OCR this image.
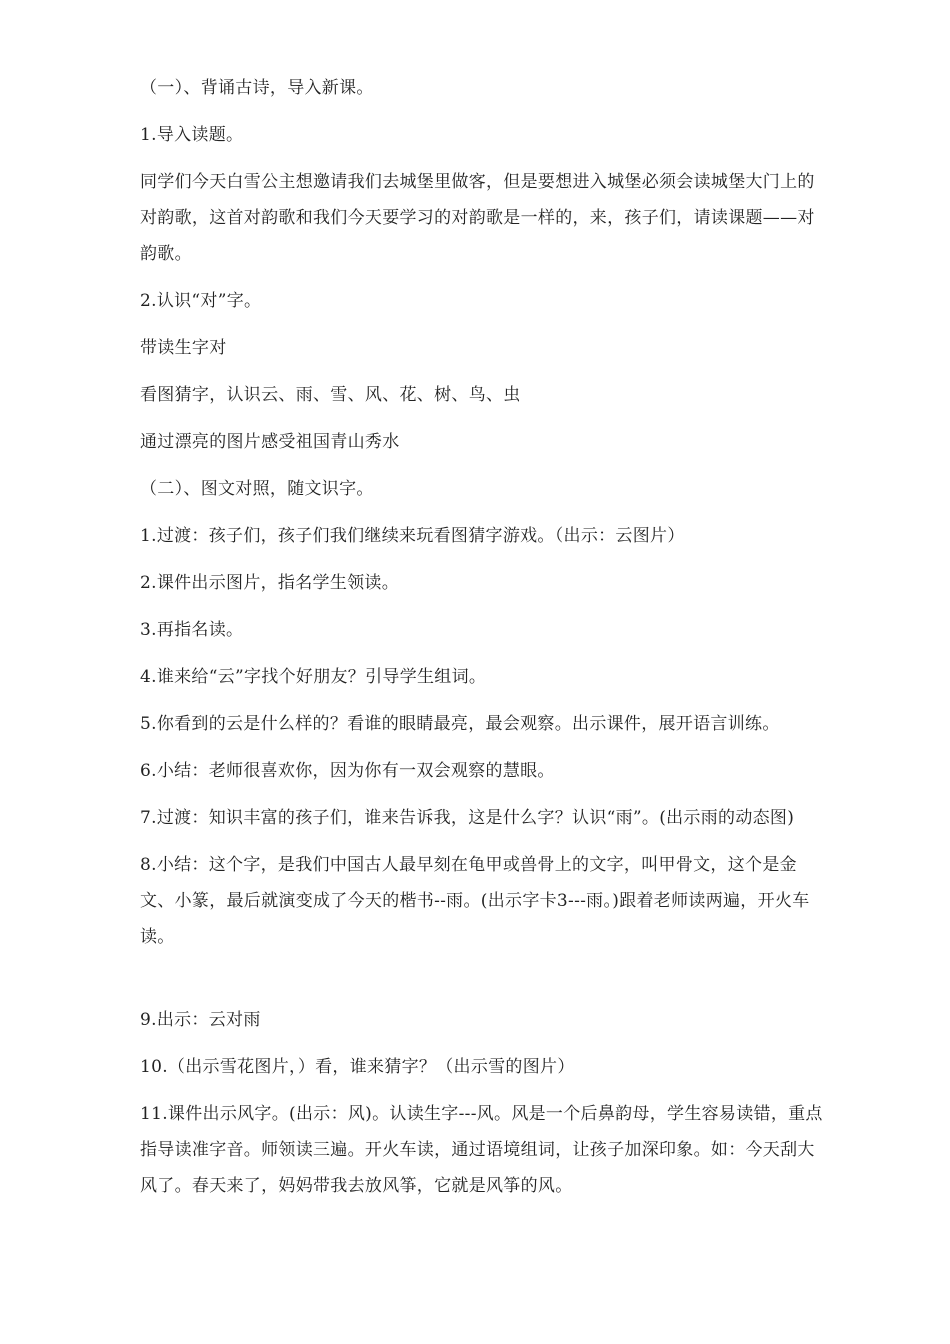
（一）、背诵古诗，导入新课。

1.导入读题。

同学们今天白雪公主想邀请我们去城堡里做客，但是要想进入城堡必须会读城堡大门上的对韵歌，这首对韵歌和我们今天要学习的对韵歌是一样的，来，孩子们，请读课题——对韵歌。

2.认识“对”字。

带读生字对

看图猜字，认识云、雨、雪、风、花、树、鸟、虫

通过漂亮的图片感受祖国青山秀水

（二）、图文对照，随文识字。

1.过渡：孩子们，孩子们我们继续来玩看图猜字游戏。（出示：云图片）

2.课件出示图片，指名学生领读。

3.再指名读。

4.谁来给“云”字找个好朋友？引导学生组词。

5.你看到的云是什么样的？看谁的眼睛最亮，最会观察。出示课件，展开语言训练。

6.小结：老师很喜欢你，因为你有一双会观察的慧眼。

7.过渡：知识丰富的孩子们，谁来告诉我，这是什么字？认识“雨”。(出示雨的动态图)

8.小结：这个字，是我们中国古人最早刻在龟甲或兽骨上的文字，叫甲骨文，这个是金文、小篆，最后就演变成了今天的楷书--雨。(出示字卡3---雨。)跟着老师读两遍，开火车读。

9.出示：云对雨

10.（出示雪花图片，）看，谁来猜字？（出示雪的图片）

11.课件出示风字。(出示：风)。认读生字---风。风是一个后鼻韵母，学生容易读错，重点指导读准字音。师领读三遍。开火车读，通过语境组词，让孩子加深印象。如：今天刮大风了。春天来了，妈妈带我去放风筝，它就是风筝的风。
